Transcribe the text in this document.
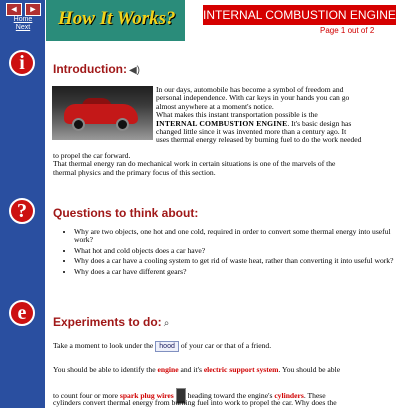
◄	►
Home
Next
i
?
e
How It Works? INTERNAL COMBUSTION ENGINE
Page 1 out of 2
Introduction: ◀)
In our days, automobile has become a symbol of freedom and
personal independence. With car keys in your hands you can go
almost anywhere at a moment's notice.
What makes this instant transportation possible is the
INTERNAL COMBUSTION ENGINE. It's basic design has
changed little since it was invented more than a century ago. It
uses thermal energy released by burning fuel to do the work needed
to propel the car forward.
That thermal energy ran do mechanical work in certain situations is one of the marvels of the
thermal physics and the primary focus of this section.
Questions to think about:
• Why are two objects, one hot and one cold, required in order to convert some thermal energy into useful work?
• What hot and cold objects does a car have?
• Why does a car have a cooling system to get rid of waste heat, rather than converting it into useful work?
• Why does a car have different gears?
Experiments to do: ⌕
Take a moment to look under the hood of your car or that of a friend.
You should be able to identify the engine and it's electric support system. You should be able
to count four or more spark plug wires heading toward the engine's cylinders. These
cylinders convert thermal energy from burning fuel into work to propel the car. Why does the
